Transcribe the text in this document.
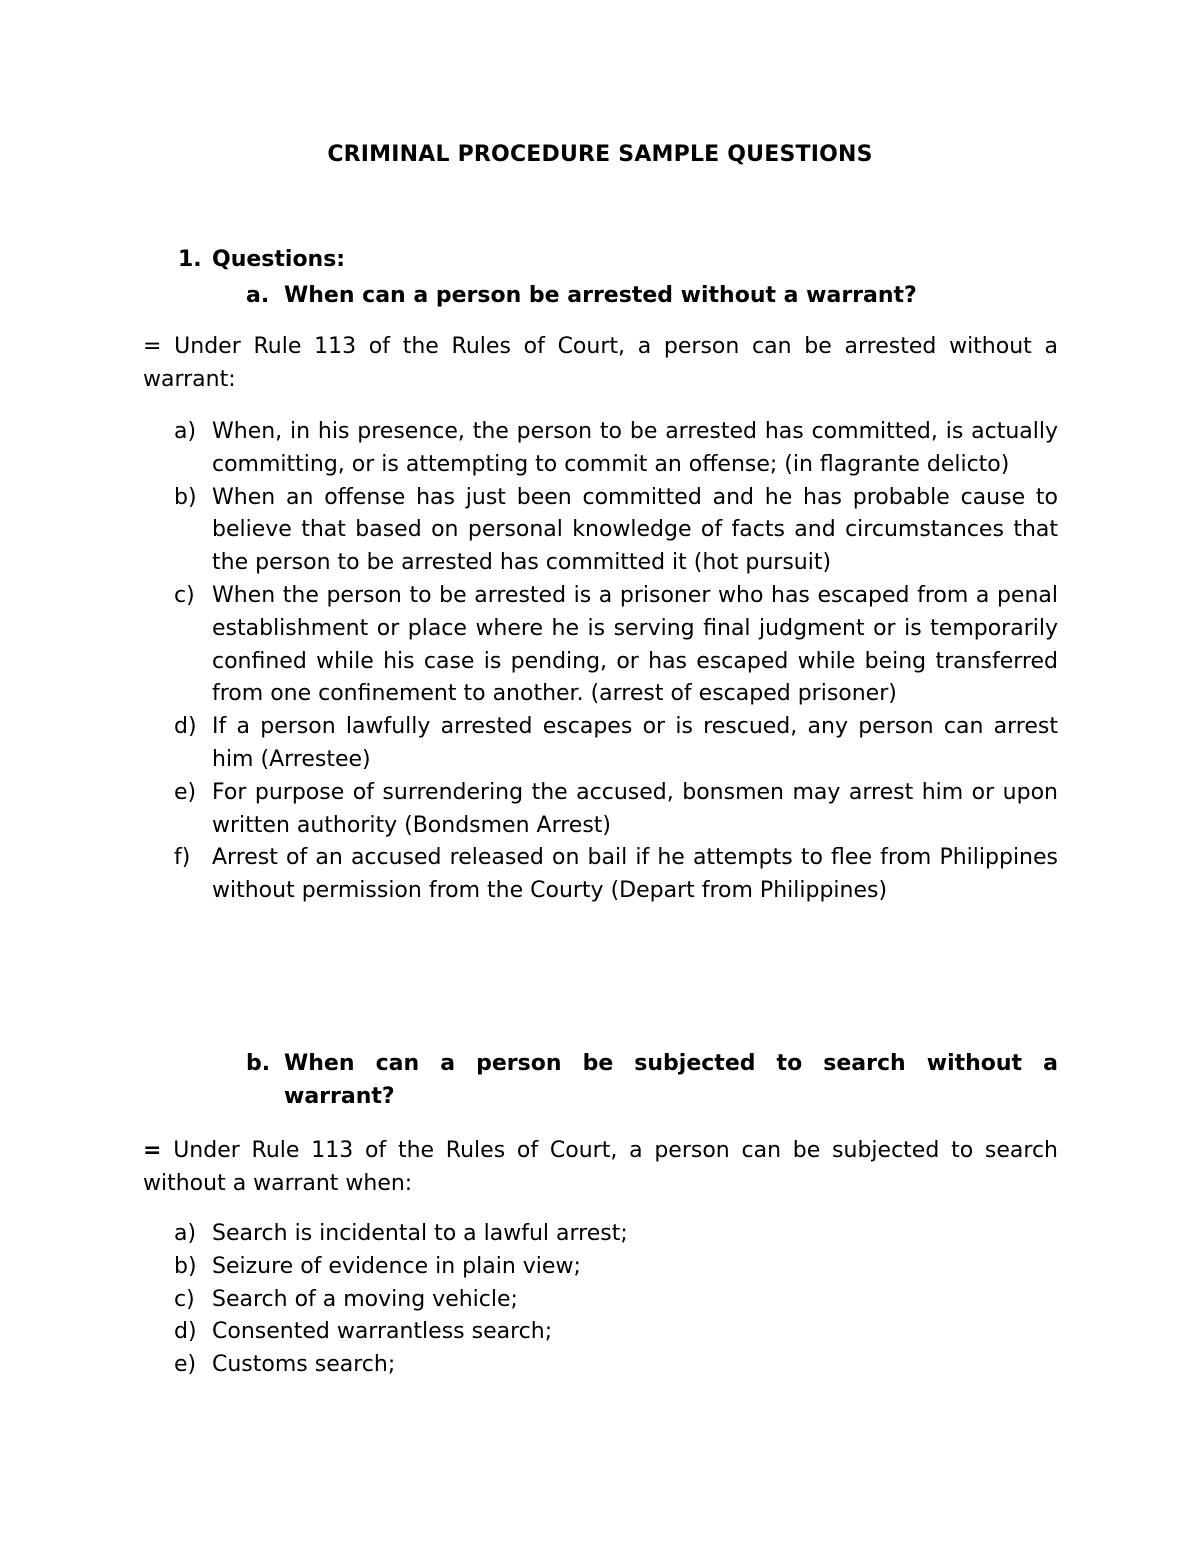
CRIMINAL PROCEDURE SAMPLE QUESTIONS
1. Questions:
a. When can a person be arrested without a warrant?
= Under Rule 113 of the Rules of Court, a person can be arrested without a warrant:
a) When, in his presence, the person to be arrested has committed, is actually committing, or is attempting to commit an offense; (in flagrante delicto)
b) When an offense has just been committed and he has probable cause to believe that based on personal knowledge of facts and circumstances that the person to be arrested has committed it (hot pursuit)
c) When the person to be arrested is a prisoner who has escaped from a penal establishment or place where he is serving final judgment or is temporarily confined while his case is pending, or has escaped while being transferred from one confinement to another. (arrest of escaped prisoner)
d) If a person lawfully arrested escapes or is rescued, any person can arrest him (Arrestee)
e) For purpose of surrendering the accused, bonsmen may arrest him or upon written authority (Bondsmen Arrest)
f) Arrest of an accused released on bail if he attempts to flee from Philippines without permission from the Courty (Depart from Philippines)
b. When can a person be subjected to search without a
warrant?
= Under Rule 113 of the Rules of Court, a person can be subjected to search without a warrant when:
a) Search is incidental to a lawful arrest;
b) Seizure of evidence in plain view;
c) Search of a moving vehicle;
d) Consented warrantless search;
e) Customs search;
